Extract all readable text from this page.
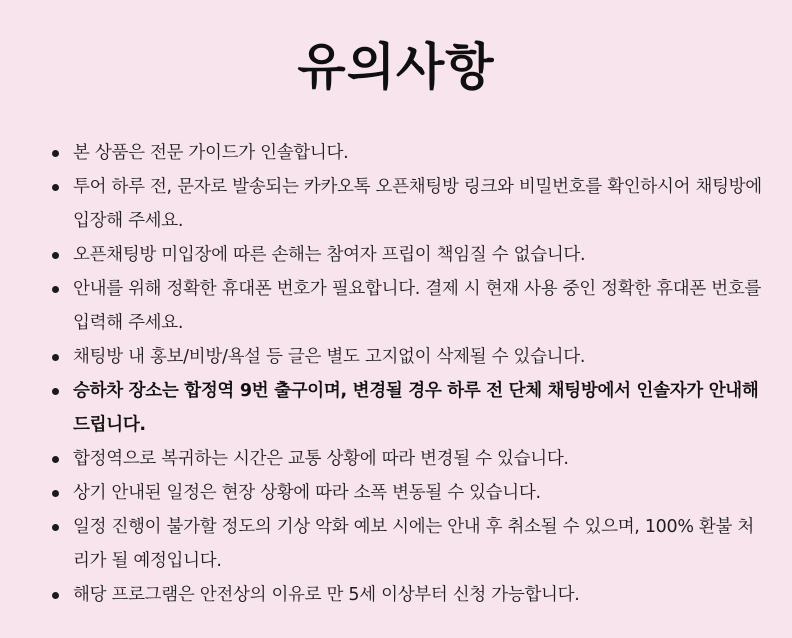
유의사항
본 상품은 전문 가이드가 인솔합니다.
투어 하루 전, 문자로 발송되는 카카오톡 오픈채팅방 링크와 비밀번호를 확인하시어 채팅방에 입장해 주세요.
오픈채팅방 미입장에 따른 손해는 참여자 프립이 책임질 수 없습니다.
안내를 위해 정확한 휴대폰 번호가 필요합니다. 결제 시 현재 사용 중인 정확한 휴대폰 번호를 입력해 주세요.
채팅방 내 홍보/비방/욕설 등 글은 별도 고지없이 삭제될 수 있습니다.
승하차 장소는 합정역 9번 출구이며, 변경될 경우 하루 전 단체 채팅방에서 인솔자가 안내해 드립니다.
합정역으로 복귀하는 시간은 교통 상황에 따라 변경될 수 있습니다.
상기 안내된 일정은 현장 상황에 따라 소폭 변동될 수 있습니다.
일정 진행이 불가할 정도의 기상 악화 예보 시에는 안내 후 취소될 수 있으며, 100% 환불 처리가 될 예정입니다.
해당 프로그램은 안전상의 이유로 만 5세 이상부터 신청 가능합니다.
